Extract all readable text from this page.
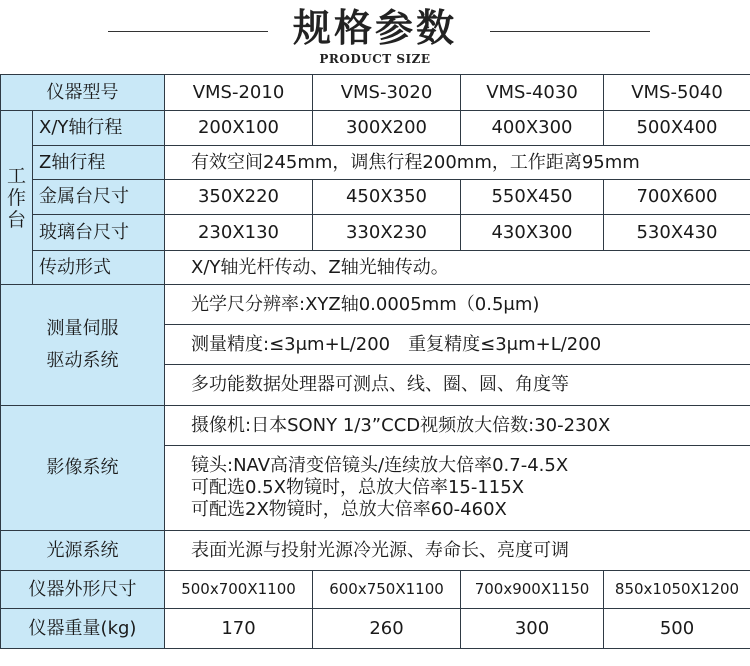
规格参数
PRODUCT SIZE
仪器型号		VMS-2010	VMS-3020	VMS-4030	VMS-5040

工
作
台	X/Y轴行程	200X100	300X200	400X300	500X400
	Z轴行程	有效空间245mm，调焦行程200mm，工作距离95mm			
	金属台尺寸	350X220	450X350	550X450	700X600
	玻璃台尺寸	230X130	330X230	430X300	530X430
	传动形式	X/Y轴光杆传动、Z轴光轴传动。			

测量伺服
驱动系统		光学尺分辨率:XYZ轴0.0005mm（0.5μm)			
		测量精度:≤3μm+L/200　重复精度≤3μm+L/200			
		多功能数据处理器可测点、线、圈、圆、角度等			
影像系统		摄像机:日本SONY 1/3”CCD视频放大倍数:30-230X			

		镜头:NAV高清变倍镜头/连续放大倍率0.7-4.5X
可配选0.5X物镜时，总放大倍率15-115X
可配选2X物镜时，总放大倍率60-460X			

光源系统		表面光源与投射光源冷光源、寿命长、亮度可调			
仪器外形尺寸		500x700X1100	600x750X1100	700x900X1150	850x1050X1200
仪器重量(kg)		170	260	300	500
